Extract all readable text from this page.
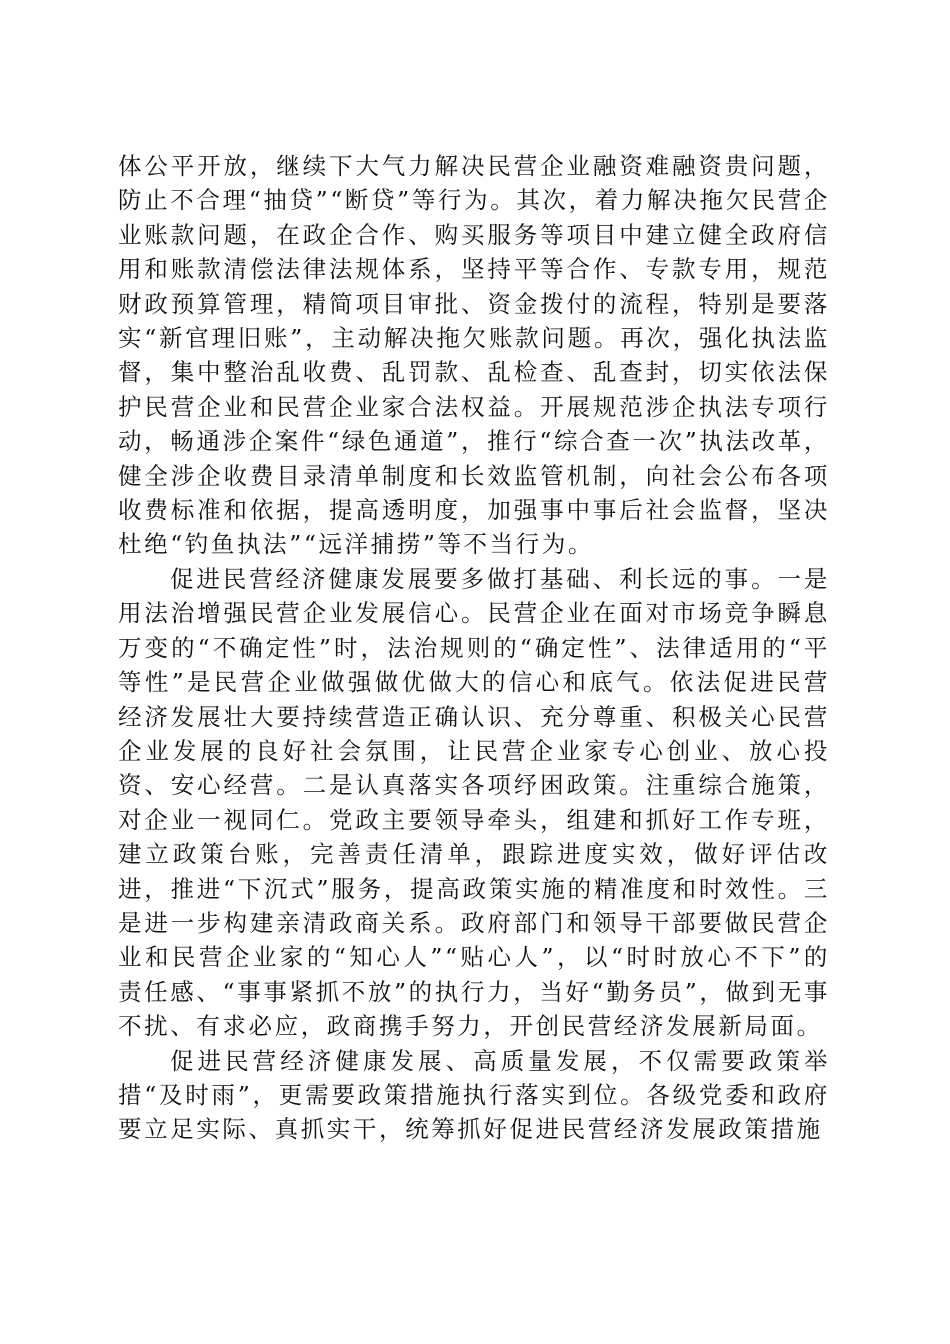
体公平开放，继续下大气力解决民营企业融资难融资贵问题，防止不合理“抽贷”“断贷”等行为。其次，着力解决拖欠民营企业账款问题，在政企合作、购买服务等项目中建立健全政府信用和账款清偿法律法规体系，坚持平等合作、专款专用，规范财政预算管理，精简项目审批、资金拨付的流程，特别是要落实“新官理旧账”，主动解决拖欠账款问题。再次，强化执法监督，集中整治乱收费、乱罚款、乱检查、乱查封，切实依法保护民营企业和民营企业家合法权益。开展规范涉企执法专项行动，畅通涉企案件“绿色通道”，推行“综合查一次”执法改革，健全涉企收费目录清单制度和长效监管机制，向社会公布各项收费标准和依据，提高透明度，加强事中事后社会监督，坚决杜绝“钓鱼执法”“远洋捕捞”等不当行为。

促进民营经济健康发展要多做打基础、利长远的事。一是用法治增强民营企业发展信心。民营企业在面对市场竞争瞬息万变的“不确定性”时，法治规则的“确定性”、法律适用的“平等性”是民营企业做强做优做大的信心和底气。依法促进民营经济发展壮大要持续营造正确认识、充分尊重、积极关心民营企业发展的良好社会氛围，让民营企业家专心创业、放心投资、安心经营。二是认真落实各项纾困政策。注重综合施策，对企业一视同仁。党政主要领导牵头，组建和抓好工作专班，建立政策台账，完善责任清单，跟踪进度实效，做好评估改进，推进“下沉式”服务，提高政策实施的精准度和时效性。三是进一步构建亲清政商关系。政府部门和领导干部要做民营企业和民营企业家的“知心人”“贴心人”，以“时时放心不下”的责任感、“事事紧抓不放”的执行力，当好“勤务员”，做到无事不扰、有求必应，政商携手努力，开创民营经济发展新局面。

促进民营经济健康发展、高质量发展，不仅需要政策举措“及时雨”，更需要政策措施执行落实到位。各级党委和政府要立足实际、真抓实干，统筹抓好促进民营经济发展政策措施
